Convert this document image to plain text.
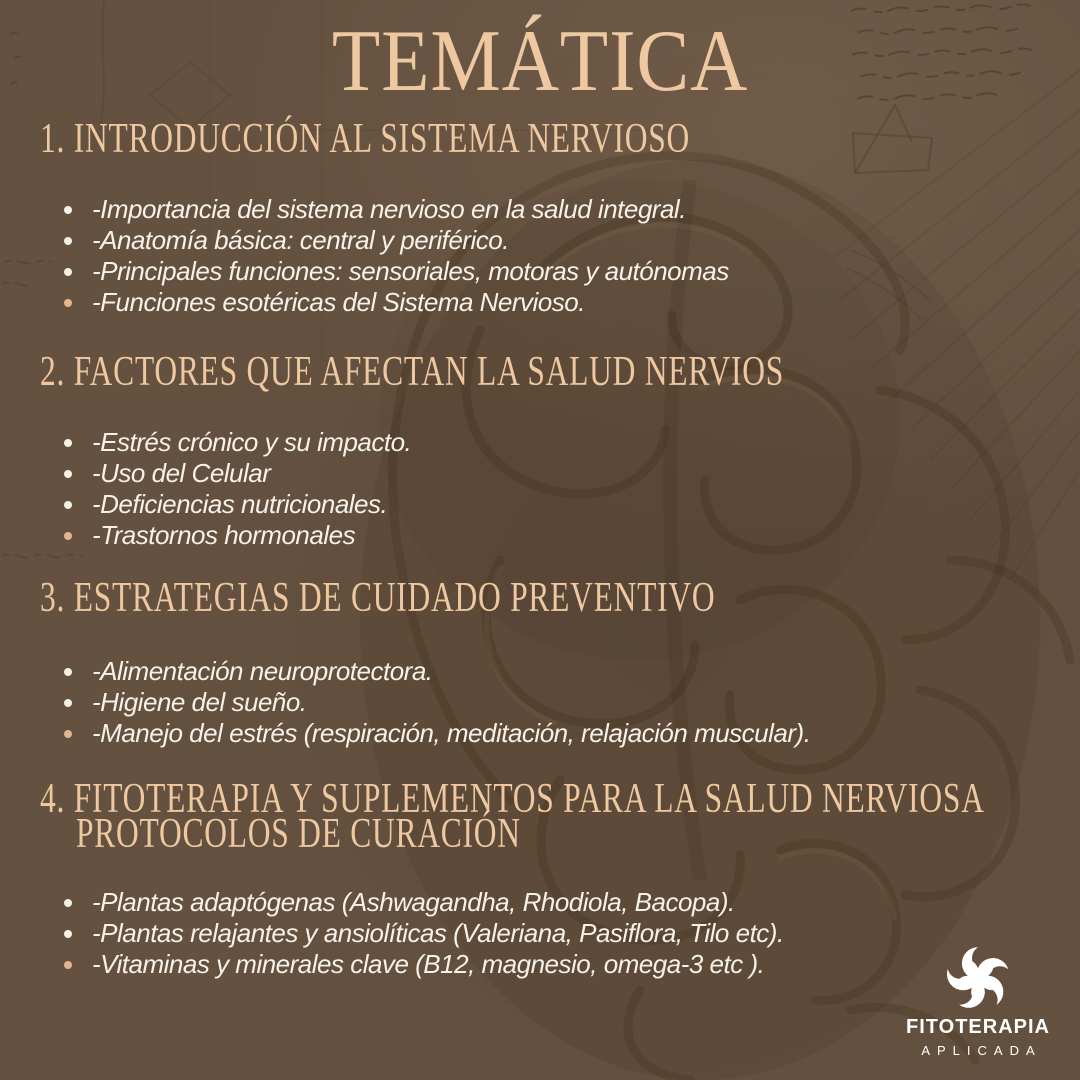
TEMÁTICA
1. INTRODUCCIÓN AL SISTEMA NERVIOSO
-Importancia del sistema nervioso en la salud integral.
-Anatomía básica: central y periférico.
-Principales funciones: sensoriales, motoras y autónomas
-Funciones esotéricas del Sistema Nervioso.
2. FACTORES QUE AFECTAN LA SALUD NERVIOS
-Estrés crónico y su impacto.
-Uso del Celular
-Deficiencias nutricionales.
-Trastornos hormonales
3. ESTRATEGIAS DE CUIDADO PREVENTIVO
-Alimentación neuroprotectora.
-Higiene del sueño.
-Manejo del estrés (respiración, meditación, relajación muscular).
4. FITOTERAPIA Y SUPLEMENTOS PARA LA SALUD NERVIOSA
PROTOCOLOS DE CURACIÓN
-Plantas adaptógenas (Ashwagandha, Rhodiola, Bacopa).
-Plantas relajantes y ansiolíticas (Valeriana, Pasiflora, Tilo etc).
-Vitaminas y minerales clave (B12, magnesio, omega-3 etc ).
FITOTERAPIA
APLICADA
